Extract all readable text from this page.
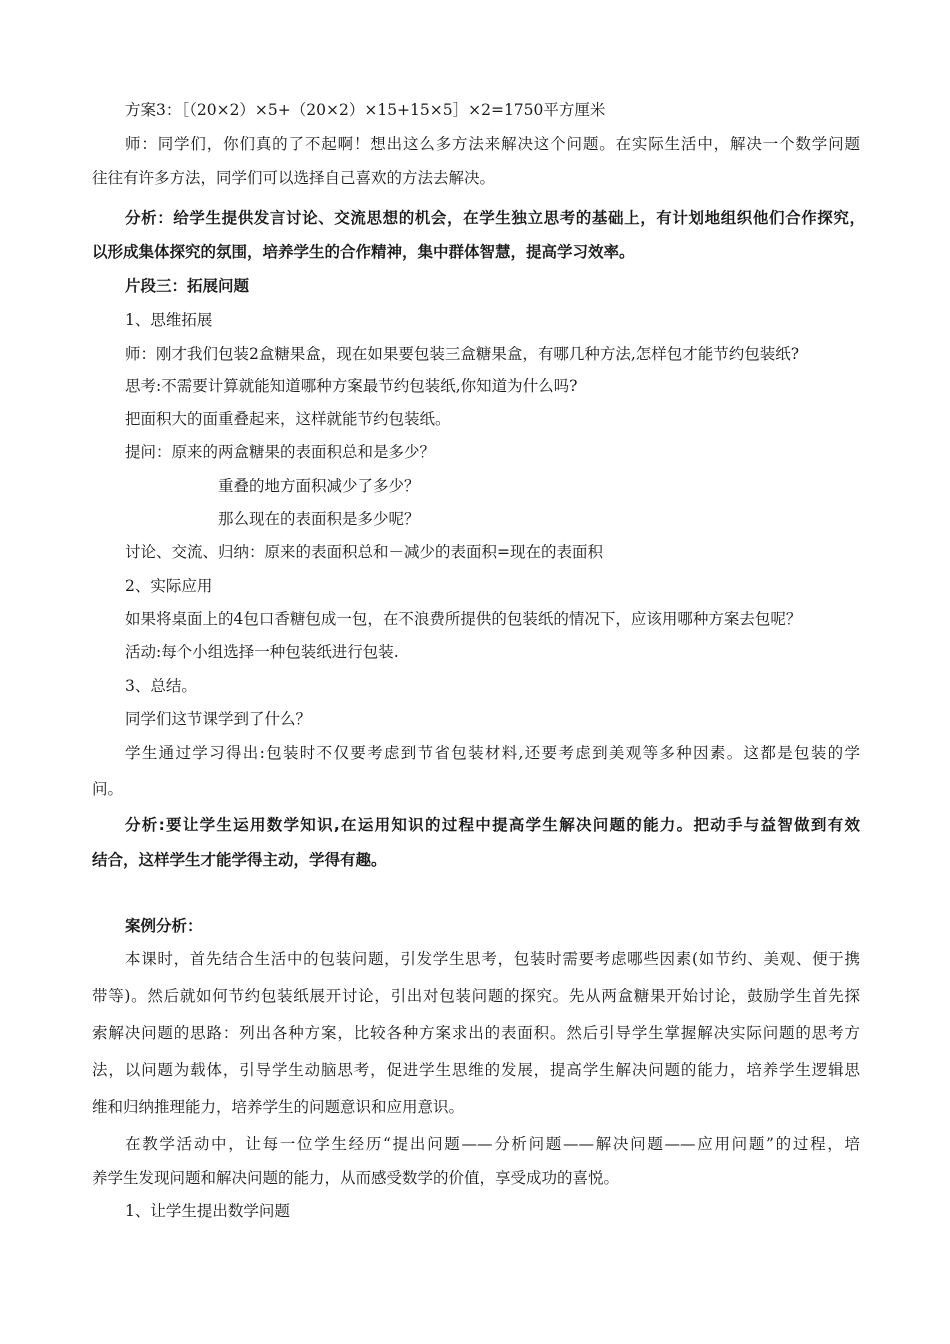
方案3：［（20×2）×5+（20×2）×15+15×5］×2=1750平方厘米
师：同学们，你们真的了不起啊！想出这么多方法来解决这个问题。在实际生活中，解决一个数学问题
往往有许多方法，同学们可以选择自己喜欢的方法去解决。
分析：给学生提供发言讨论、交流思想的机会，在学生独立思考的基础上，有计划地组织他们合作探究，
以形成集体探究的氛围，培养学生的合作精神，集中群体智慧，提高学习效率。
片段三：拓展问题
1、思维拓展
师：刚才我们包装2盒糖果盒，现在如果要包装三盒糖果盒，有哪几种方法,怎样包才能节约包装纸?
思考:不需要计算就能知道哪种方案最节约包装纸,你知道为什么吗?
把面积大的面重叠起来，这样就能节约包装纸。
提问：原来的两盒糖果的表面积总和是多少？
重叠的地方面积减少了多少？
那么现在的表面积是多少呢？
讨论、交流、归纳：原来的表面积总和－减少的表面积=现在的表面积
2、实际应用
如果将桌面上的4包口香糖包成一包，在不浪费所提供的包装纸的情况下，应该用哪种方案去包呢？
活动:每个小组选择一种包装纸进行包装.
3、总结。
同学们这节课学到了什么？
学生通过学习得出:包装时不仅要考虑到节省包装材料,还要考虑到美观等多种因素。这都是包装的学
问。
分析:要让学生运用数学知识,在运用知识的过程中提高学生解决问题的能力。把动手与益智做到有效
结合，这样学生才能学得主动，学得有趣。
案例分析：
本课时，首先结合生活中的包装问题，引发学生思考，包装时需要考虑哪些因素(如节约、美观、便于携
带等)。然后就如何节约包装纸展开讨论，引出对包装问题的探究。先从两盒糖果开始讨论，鼓励学生首先探
索解决问题的思路：列出各种方案，比较各种方案求出的表面积。然后引导学生掌握解决实际问题的思考方
法，以问题为载体，引导学生动脑思考，促进学生思维的发展，提高学生解决问题的能力，培养学生逻辑思
维和归纳推理能力，培养学生的问题意识和应用意识。
在教学活动中，让每一位学生经历“提出问题——分析问题——解决问题——应用问题”的过程，培
养学生发现问题和解决问题的能力，从而感受数学的价值，享受成功的喜悦。
1、让学生提出数学问题
